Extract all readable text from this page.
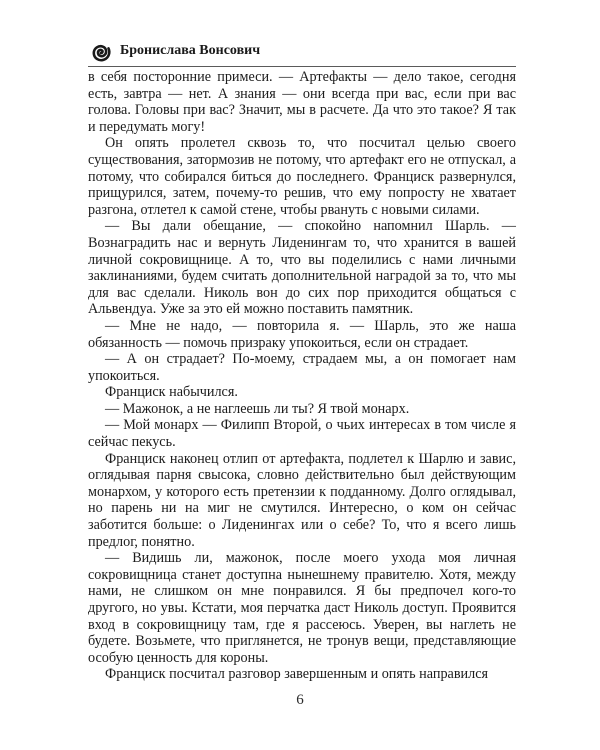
Бронислава Вонсович

в себя посторонние примеси. — Артефакты — дело такое, сегодня есть, завтра — нет. А знания — они всегда при вас, если при вас голова. Головы при вас? Значит, мы в расчете. Да что это такое? Я так и передумать могу!

Он опять пролетел сквозь то, что посчитал целью своего существования, затормозив не потому, что артефакт его не отпускал, а потому, что собирался биться до последнего. Франциск развернулся, прищурился, затем, почему-то решив, что ему попросту не хватает разгона, отлетел к самой стене, чтобы рвануть с новыми силами.

— Вы дали обещание, — спокойно напомнил Шарль. — Вознаградить нас и вернуть Лиденингам то, что хранится в вашей личной сокровищнице. А то, что вы поделились с нами личными заклинаниями, будем считать дополнительной наградой за то, что мы для вас сделали. Николь вон до сих пор приходится общаться с Альвендуа. Уже за это ей можно поставить памятник.

— Мне не надо, — повторила я. — Шарль, это же наша обязанность — помочь призраку упокоиться, если он страдает.

— А он страдает? По-моему, страдаем мы, а он помогает нам упокоиться.

Франциск набычился.

— Мажонок, а не наглеешь ли ты? Я твой монарх.

— Мой монарх — Филипп Второй, о чьих интересах в том числе я сейчас пекусь.

Франциск наконец отлип от артефакта, подлетел к Шарлю и завис, оглядывая парня свысока, словно действительно был действующим монархом, у которого есть претензии к подданному. Долго оглядывал, но парень ни на миг не смутился. Интересно, о ком он сейчас заботится больше: о Лиденингах или о себе? То, что я всего лишь предлог, понятно.

— Видишь ли, мажонок, после моего ухода моя личная сокровищница станет доступна нынешнему правителю. Хотя, между нами, не слишком он мне понравился. Я бы предпочел кого-то другого, но увы. Кстати, моя перчатка даст Николь доступ. Проявится вход в сокровищницу там, где я рассеюсь. Уверен, вы наглеть не будете. Возьмете, что приглянется, не тронув вещи, представляющие особую ценность для короны.

Франциск посчитал разговор завершенным и опять направился

6
